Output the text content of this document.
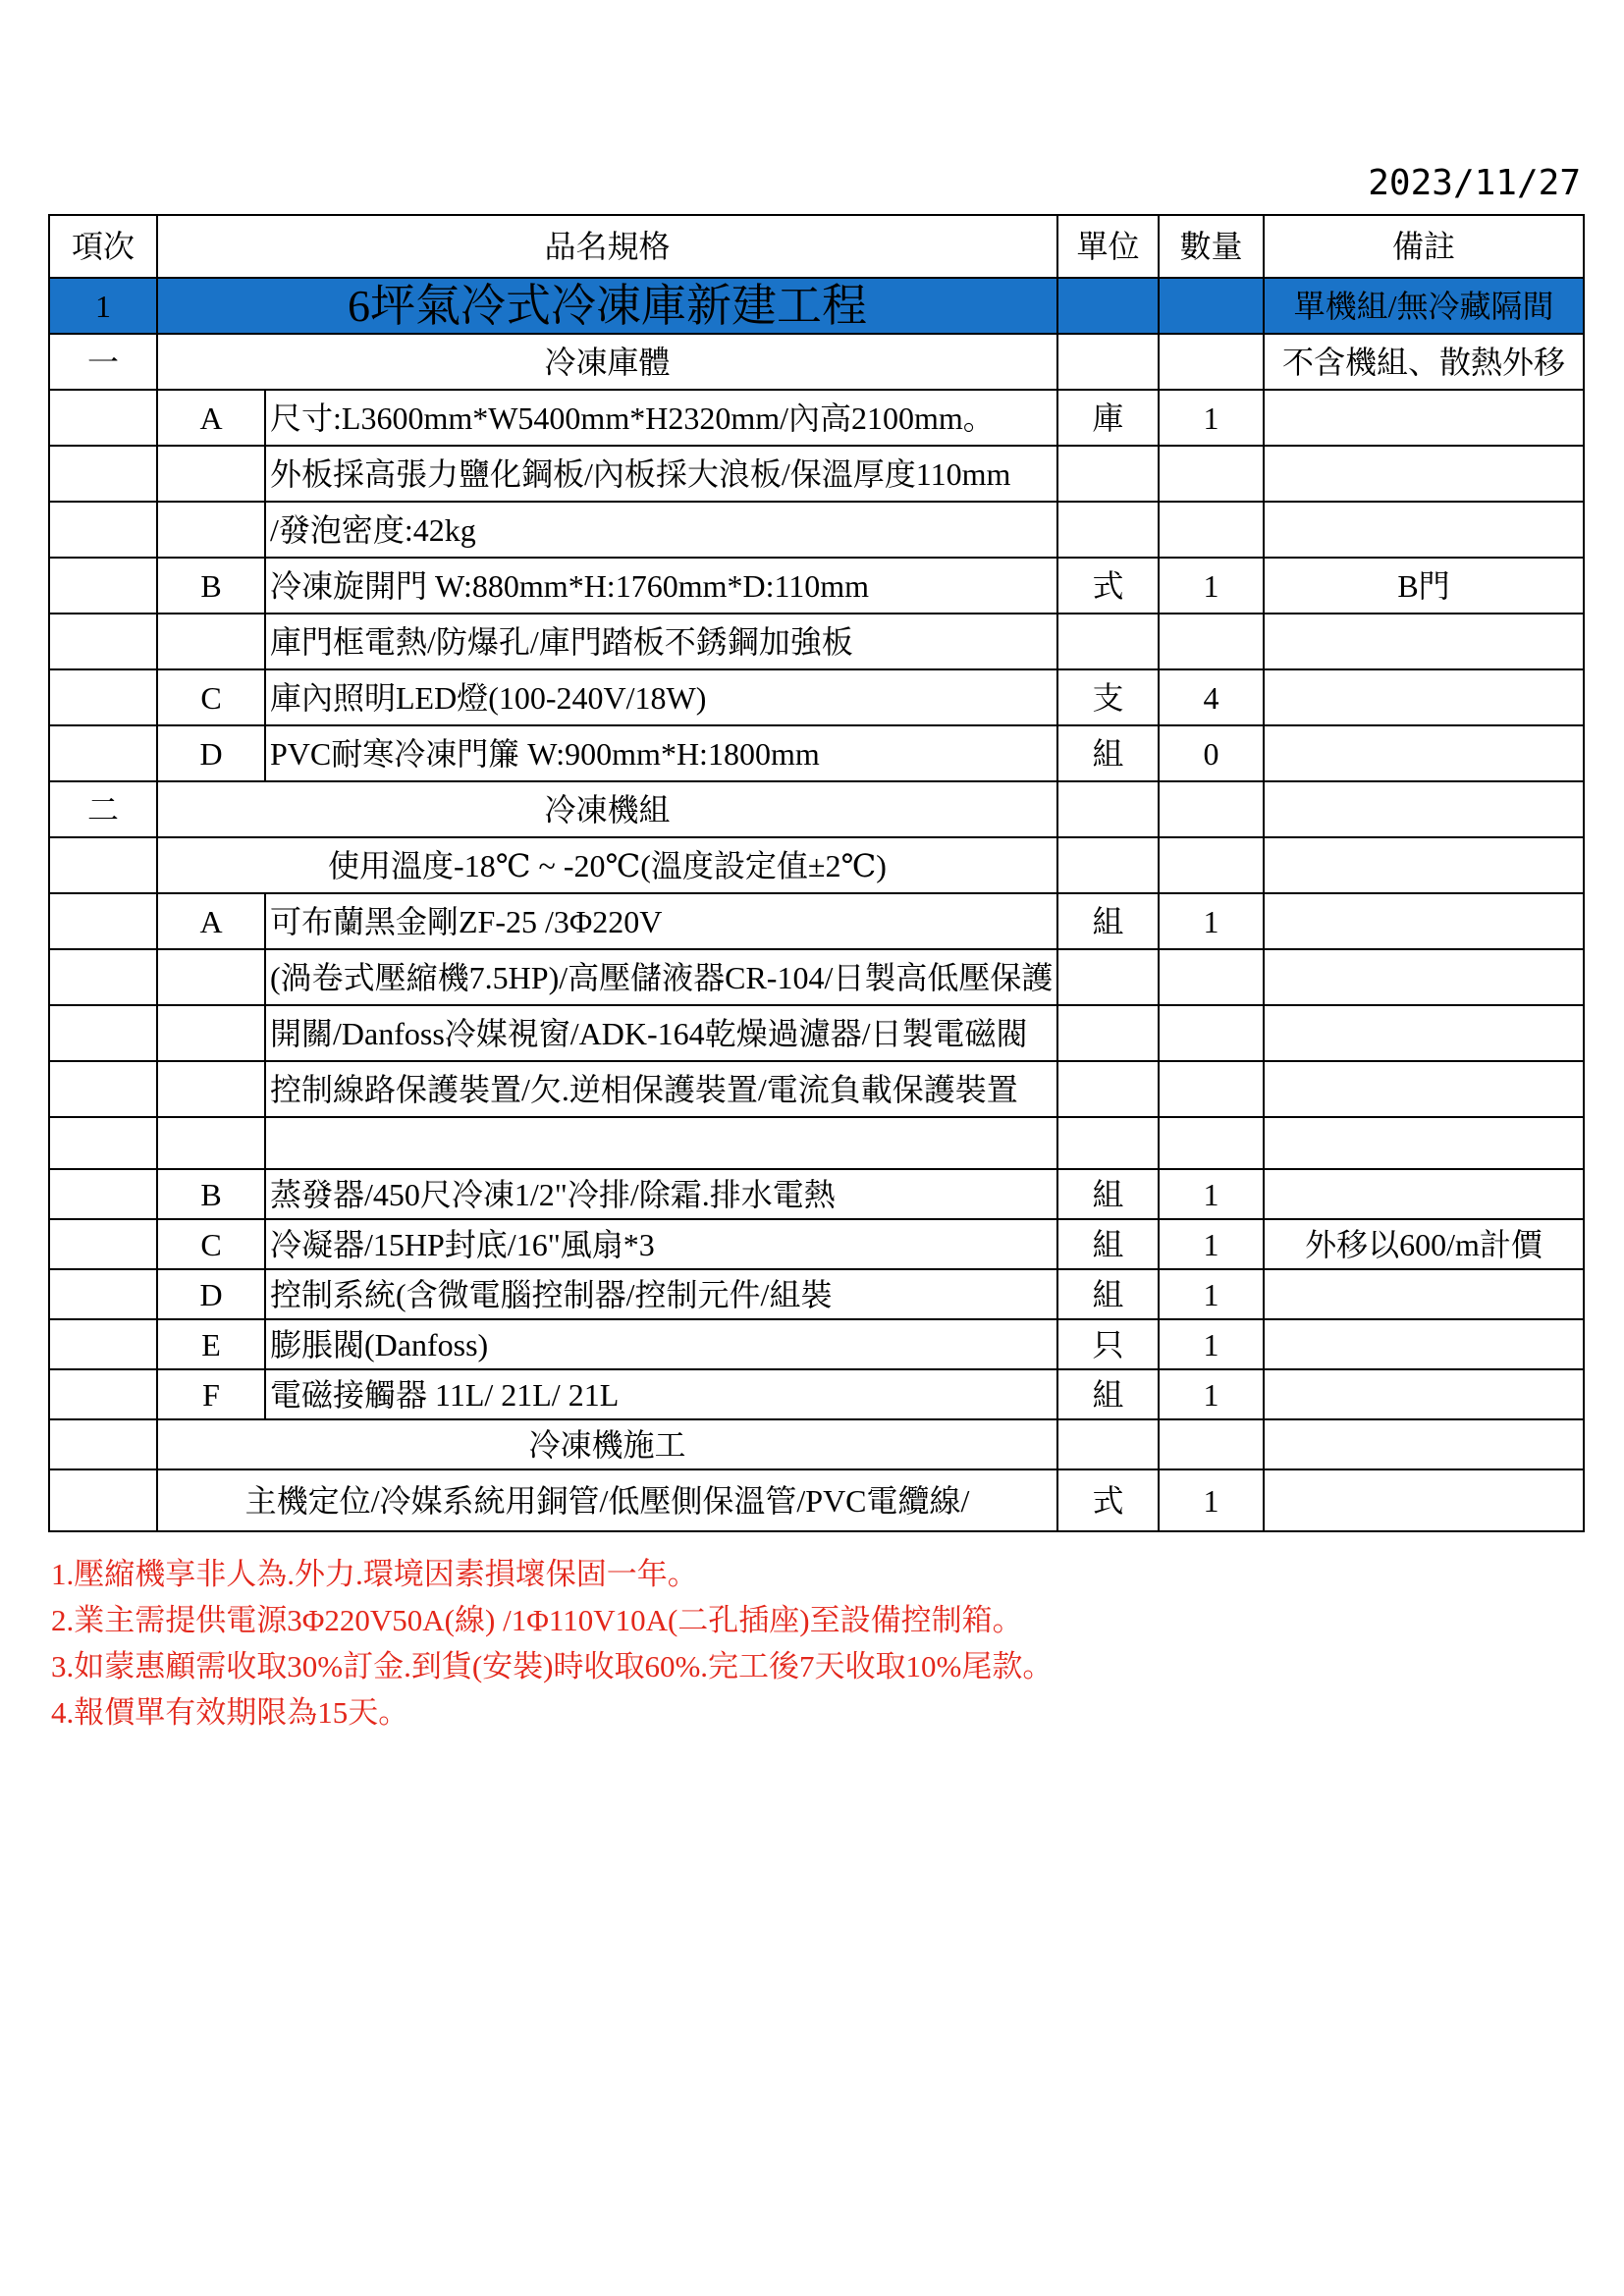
2023/11/27
項次	品名規格		單位	數量	備註
1	6坪氣冷式冷凍庫新建工程				單機組/無冷藏隔間
一	冷凍庫體				不含機組、散熱外移
	A	尺寸:L3600mm*W5400mm*H2320mm/內高2100mm。	庫	1	
		外板採高張力鹽化鋼板/內板採大浪板/保溫厚度110mm			
		/發泡密度:42kg			
	B	冷凍旋開門 W:880mm*H:1760mm*D:110mm	式	1	B門
		庫門框電熱/防爆孔/庫門踏板不銹鋼加強板			
	C	庫內照明LED燈(100-240V/18W)	支	4	
	D	PVC耐寒冷凍門簾 W:900mm*H:1800mm	組	0	
二	冷凍機組				
	使用溫度-18℃ ~ -20℃(溫度設定值±2℃)				
	A	可布蘭黑金剛ZF-25 /3Φ220V	組	1	
		(渦卷式壓縮機7.5HP)/高壓儲液器CR-104/日製高低壓保護			
		開關/Danfoss冷媒視窗/ADK-164乾燥過濾器/日製電磁閥			
		控制線路保護裝置/欠.逆相保護裝置/電流負載保護裝置			

	B	蒸發器/450尺冷凍1/2"冷排/除霜.排水電熱	組	1	
	C	冷凝器/15HP封底/16"風扇*3	組	1	外移以600/m計價
	D	控制系統(含微電腦控制器/控制元件/組裝	組	1	
	E	膨脹閥(Danfoss)	只	1	
	F	電磁接觸器 11L/ 21L/ 21L	組	1	
	冷凍機施工				
	主機定位/冷媒系統用銅管/低壓側保溫管/PVC電纜線/		式	1	
1.壓縮機享非人為.外力.環境因素損壞保固一年。
2.業主需提供電源3Φ220V50A(線) /1Φ110V10A(二孔插座)至設備控制箱。
3.如蒙惠顧需收取30%訂金.到貨(安裝)時收取60%.完工後7天收取10%尾款。
4.報價單有效期限為15天。
